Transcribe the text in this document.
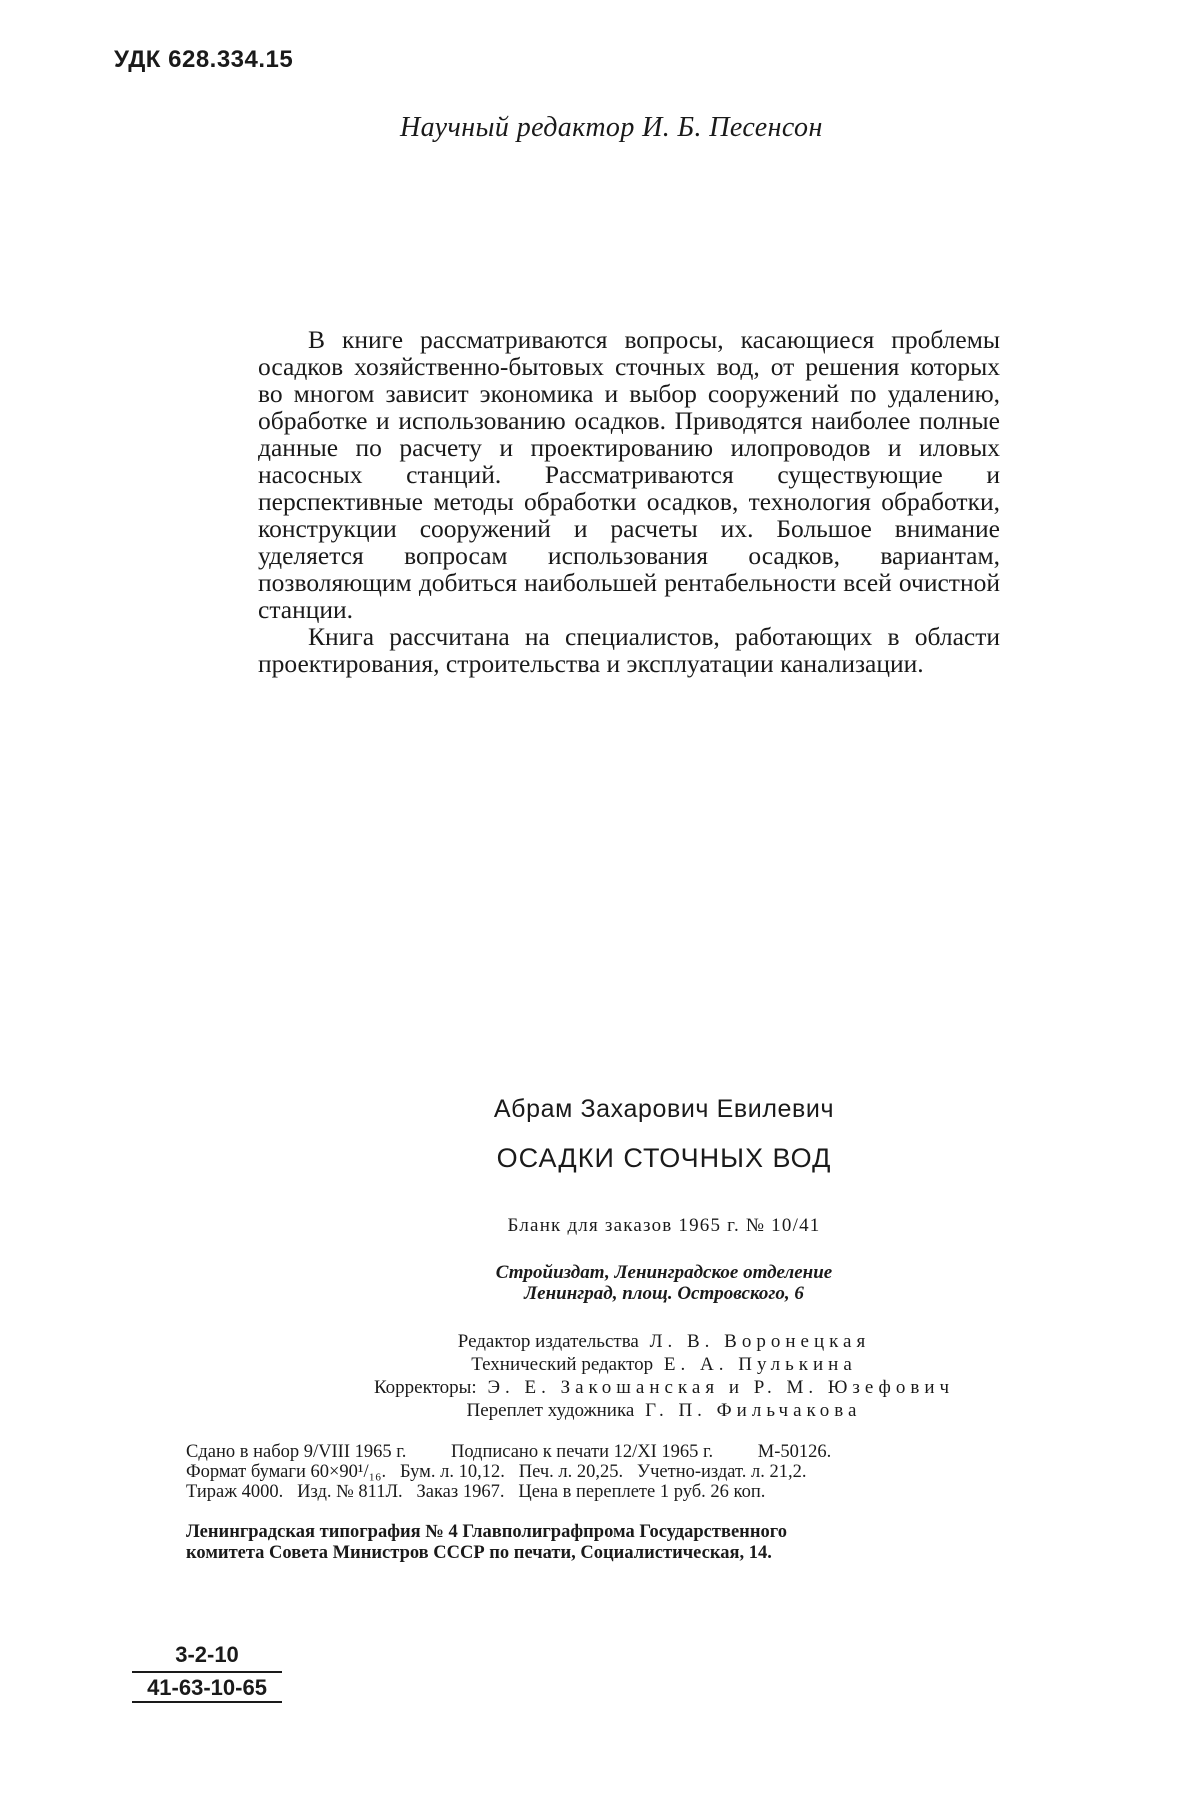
УДК 628.334.15
Научный редактор И. Б. Песенсон

В книге рассматриваются вопросы, касающиеся проблемы осадков хозяйственно-бытовых сточных вод, от решения которых во многом зависит экономика и выбор сооружений по удалению, обработке и использованию осадков. Приводятся наиболее полные данные по расчету и проектированию илопроводов и иловых насосных станций. Рассматриваются существующие и перспективные методы обработки осадков, технология обработки, конструкции сооружений и расчеты их. Большое внимание уделяется вопросам использования осадков, вариантам, позволяющим добиться наибольшей рентабельности всей очистной станции.

Книга рассчитана на специалистов, работающих в области проектирования, строительства и эксплуатации канализации.

Абрам Захарович Евилевич
ОСАДКИ СТОЧНЫХ ВОД
Бланк для заказов 1965 г. № 10/41
Стройиздат, Ленинградское отделение
Ленинград, площ. Островского, 6
Редактор издательства Л. В. Воронецкая
Технический редактор Е. А. Пулькина
Корректоры: Э. Е. Закошанская и Р. М. Юзефович
Переплет художника Г. П. Фильчакова
Сдано в набор 9/VIII 1965 г. Подписано к печати 12/XI 1965 г. М-50126.
Формат бумаги 60×90¹/₁₆. Бум. л. 10,12. Печ. л. 20,25. Учетно-издат. л. 21,2.
Тираж 4000. Изд. № 811Л. Заказ 1967. Цена в переплете 1 руб. 26 коп.
Ленинградская типография № 4 Главполиграфпрома Государственного
комитета Совета Министров СССР по печати, Социалистическая, 14.
$\frac{3-2-10}{41-63-10-65}$
